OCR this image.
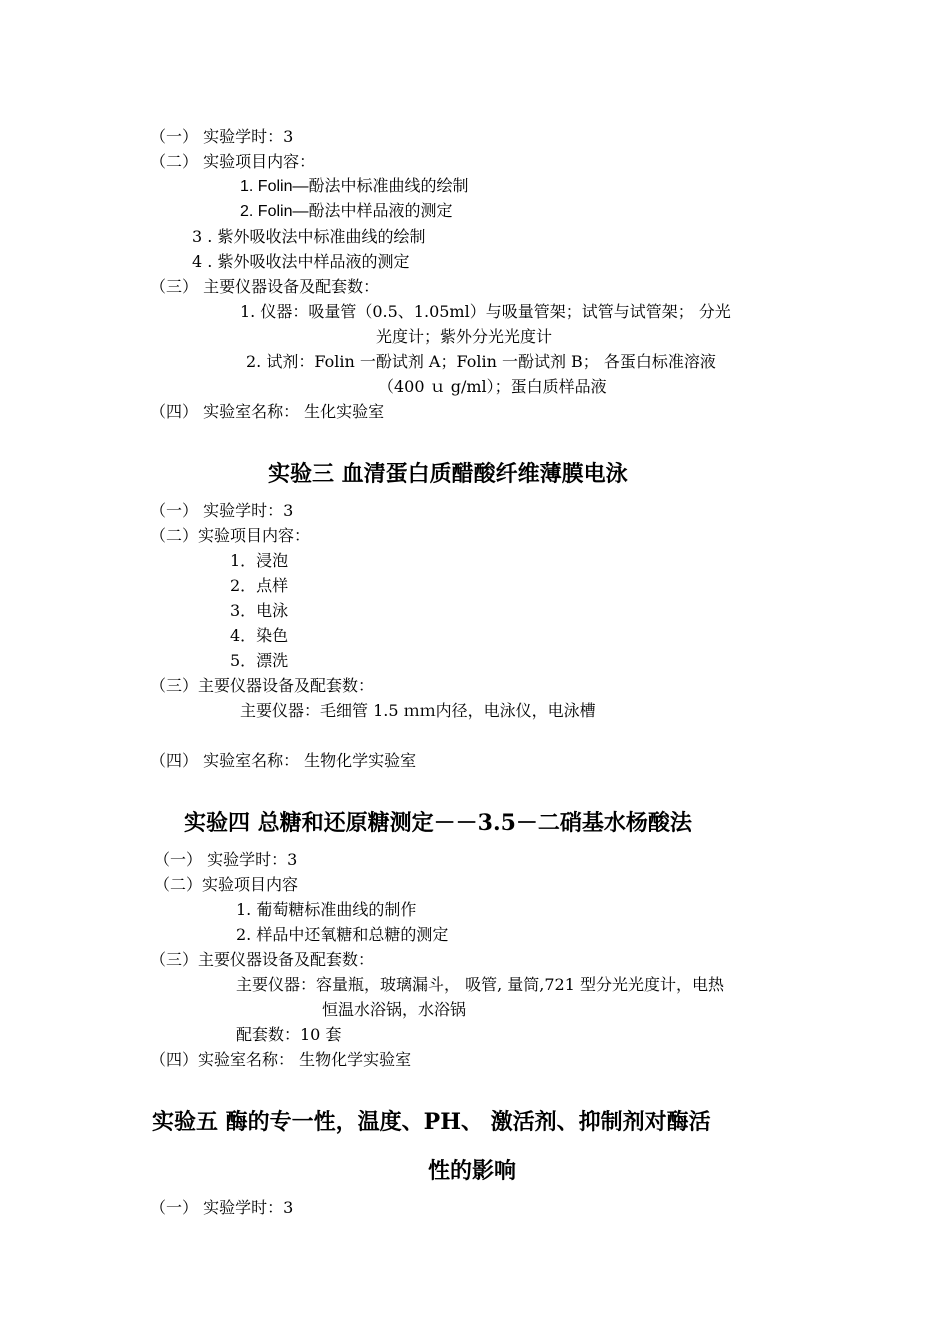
（一） 实验学时：3
（二） 实验项目内容：
1. Folin—酚法中标准曲线的绘制
2. Folin—酚法中样品液的测定
3 . 紫外吸收法中标准曲线的绘制
4 . 紫外吸收法中样品液的测定
（三） 主要仪器设备及配套数：
1. 仪器：吸量管（0.5、1.05ml）与吸量管架；试管与试管架； 分光
光度计；紫外分光光度计
2. 试剂：Folin 一酚试剂 A；Folin 一酚试剂 B； 各蛋白标准溶液
（400 ｕ g/ml）；蛋白质样品液
（四） 实验室名称： 生化实验室
实验三 血清蛋白质醋酸纤维薄膜电泳
（一） 实验学时：3
（二）实验项目内容：
1．浸泡
2．点样
3．电泳
4．染色
5．漂洗
（三）主要仪器设备及配套数：
主要仪器：毛细管 1.5 ｍｍ内径，电泳仪，电泳槽
（四） 实验室名称： 生物化学实验室
实验四 总糖和还原糖测定－－3.5－二硝基水杨酸法
（一） 实验学时：3
（二）实验项目内容
1. 葡萄糖标准曲线的制作
2. 样品中还氧糖和总糖的测定
（三）主要仪器设备及配套数：
主要仪器：容量瓶，玻璃漏斗， 吸管, 量筒,721 型分光光度计，电热
恒温水浴锅，水浴锅
配套数：10 套
（四）实验室名称： 生物化学实验室
实验五 酶的专一性，温度、PH、 激活剂、抑制剂对酶活
性的影响
（一） 实验学时：3
